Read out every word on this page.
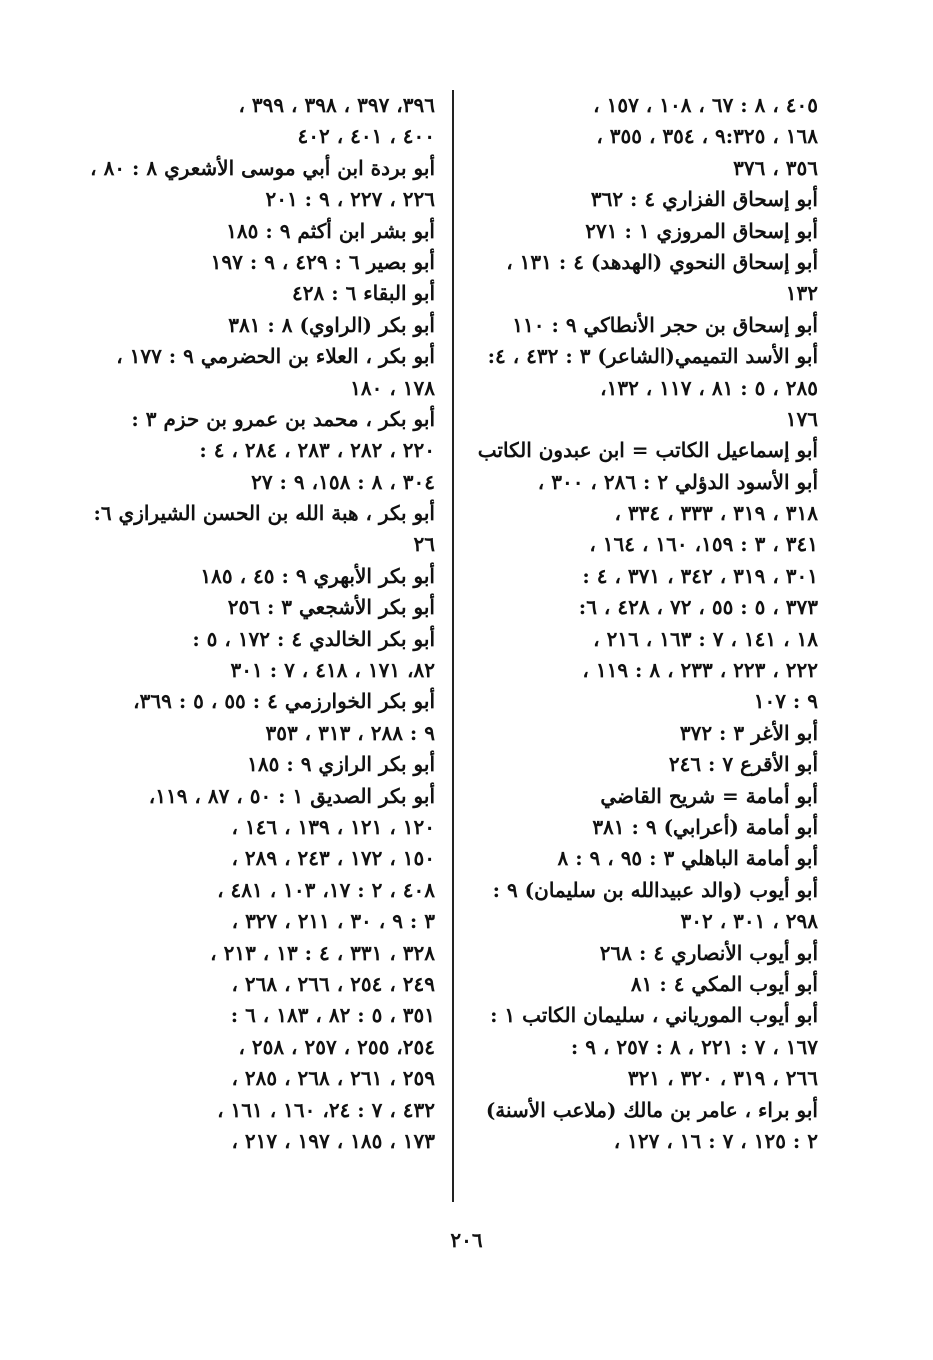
٤٠٥ ، ٨ : ٦٧ ، ١٠٨ ، ١٥٧ ،
١٦٨ ، ٩:٣٢٥ ، ٣٥٤ ، ٣٥٥ ،
٣٥٦ ، ٣٧٦
أبو إسحاق الفزاري ٤ : ٣٦٢
أبو إسحاق المروزي ١ : ٢٧١
أبو إسحاق النحوي (الهدهد) ٤ : ١٣١ ،
١٣٢
أبو إسحاق بن حجر الأنطاكي ٩ : ١١٠
أبو الأسد التميمي(الشاعر) ٣ : ٤٣٢ ، ٤:
٢٨٥ ، ٥ : ٨١ ، ١١٧ ، ١٣٢،
١٧٦
أبو إسماعيل الكاتب = ابن عبدون الكاتب
أبو الأسود الدؤلي ٢ : ٢٨٦ ، ٣٠٠ ،
٣١٨ ، ٣١٩ ، ٣٣٣ ، ٣٣٤ ،
٣٤١ ، ٣ : ١٥٩، ١٦٠ ، ١٦٤ ،
٣٠١ ، ٣١٩ ، ٣٤٢ ، ٣٧١ ، ٤ :
٣٧٣ ، ٥ : ٥٥ ، ٧٢ ، ٤٢٨ ، ٦:
١٨ ، ١٤١ ، ٧ : ١٦٣ ، ٢١٦ ،
٢٢٢ ، ٢٢٣ ، ٢٣٣ ، ٨ : ١١٩ ،
٩ : ١٠٧
أبو الأغر ٣ : ٣٧٢
أبو الأقرع ٧ : ٢٤٦
أبو أمامة = شريح القاضي
أبو أمامة (أعرابي) ٩ : ٣٨١
أبو أمامة الباهلي ٣ : ٩٥ ، ٩ : ٨
أبو أيوب (والد عبيدالله بن سليمان) ٩ :
٢٩٨ ، ٣٠١ ، ٣٠٢
أبو أيوب الأنصاري ٤ : ٢٦٨
أبو أيوب المكي ٤ : ٨١
أبو أيوب المورياني ، سليمان الكاتب ١ :
١٦٧ ، ٧ : ٢٢١ ، ٨ : ٢٥٧ ، ٩ :
٢٦٦ ، ٣١٩ ، ٣٢٠ ، ٣٢١
أبو براء ، عامر بن مالك (ملاعب الأسنة)
٢ : ١٢٥ ، ٧ : ١٦ ، ١٢٧ ،
٣٩٦، ٣٩٧ ، ٣٩٨ ، ٣٩٩ ،
٤٠٠ ، ٤٠١ ، ٤٠٢
أبو بردة ابن أبي موسى الأشعري ٨ : ٨٠ ،
٢٢٦ ، ٢٢٧ ، ٩ : ٢٠١
أبو بشر ابن أكثم ٩ : ١٨٥
أبو بصير ٦ : ٤٢٩ ، ٩ : ١٩٧
أبو البقاء ٦ : ٤٢٨
أبو بكر (الراوي) ٨ : ٣٨١
أبو بكر ، العلاء بن الحضرمي ٩ : ١٧٧ ،
١٧٨ ، ١٨٠
أبو بكر ، محمد بن عمرو بن حزم ٣ :
٢٢٠ ، ٢٨٢ ، ٢٨٣ ، ٢٨٤ ، ٤ :
٣٠٤ ، ٨ : ١٥٨، ٩ : ٢٧
أبو بكر ، هبة الله بن الحسن الشيرازي ٦:
٢٦
أبو بكر الأبهري ٩ : ٤٥ ، ١٨٥
أبو بكر الأشجعي ٣ : ٢٥٦
أبو بكر الخالدي ٤ : ١٧٢ ، ٥ :
٨٢، ١٧١ ، ٤١٨ ، ٧ : ٣٠١
أبو بكر الخوارزمي ٤ : ٥٥ ، ٥ : ٣٦٩،
٩ : ٢٨٨ ، ٣١٣ ، ٣٥٣
أبو بكر الرازي ٩ : ١٨٥
أبو بكر الصديق ١ : ٥٠ ، ٨٧ ، ١١٩،
١٢٠ ، ١٢١ ، ١٣٩ ، ١٤٦ ،
١٥٠ ، ١٧٢ ، ٢٤٣ ، ٢٨٩ ،
٤٠٨ ، ٢ : ١٧، ١٠٣ ، ٤٨١ ،
٣ : ٩ ، ٣٠ ، ٢١١ ، ٣٢٧ ،
٣٢٨ ، ٣٣١ ، ٤ : ١٣ ، ٢١٣ ،
٢٤٩ ، ٢٥٤ ، ٢٦٦ ، ٢٦٨ ،
٣٥١ ، ٥ : ٨٢ ، ١٨٣ ، ٦ :
٢٥٤، ٢٥٥ ، ٢٥٧ ، ٢٥٨ ،
٢٥٩ ، ٢٦١ ، ٢٦٨ ، ٢٨٥ ،
٤٣٢ ، ٧ : ٢٤، ١٦٠ ، ١٦١ ،
١٧٣ ، ١٨٥ ، ١٩٧ ، ٢١٧ ،
٢٠٦
